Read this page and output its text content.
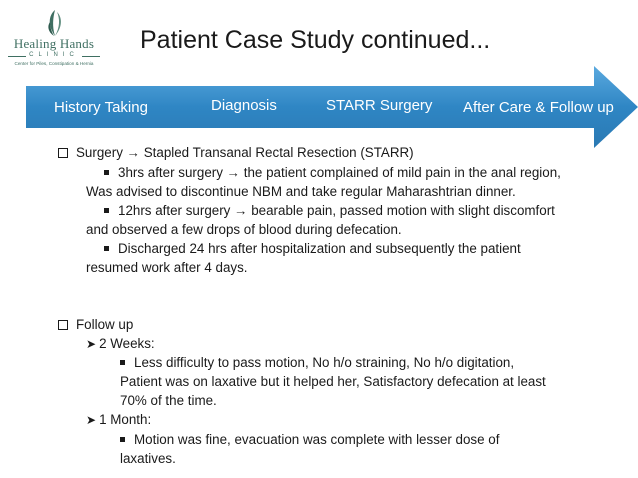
Healing Hands
CLINIC
Center for Piles, Constipation & Hernia
Patient Case Study continued...
History Taking	Diagnosis	STARR Surgery After Care & Follow up
Surgery → Stapled Transanal Rectal Resection (STARR)
3hrs after surgery → the patient complained of mild pain in the anal region,
Was advised to discontinue NBM and take regular Maharashtrian dinner.
12hrs after surgery → bearable pain, passed motion with slight discomfort
and observed a few drops of blood during defecation.
Discharged 24 hrs after hospitalization and subsequently the patient
resumed work after 4 days.
Follow up
➤ 2 Weeks:
Less difficulty to pass motion, No h/o straining, No h/o digitation,
Patient was on laxative but it helped her, Satisfactory defecation at least
70% of the time.
➤ 1 Month:
Motion was fine, evacuation was complete with lesser dose of
laxatives.
